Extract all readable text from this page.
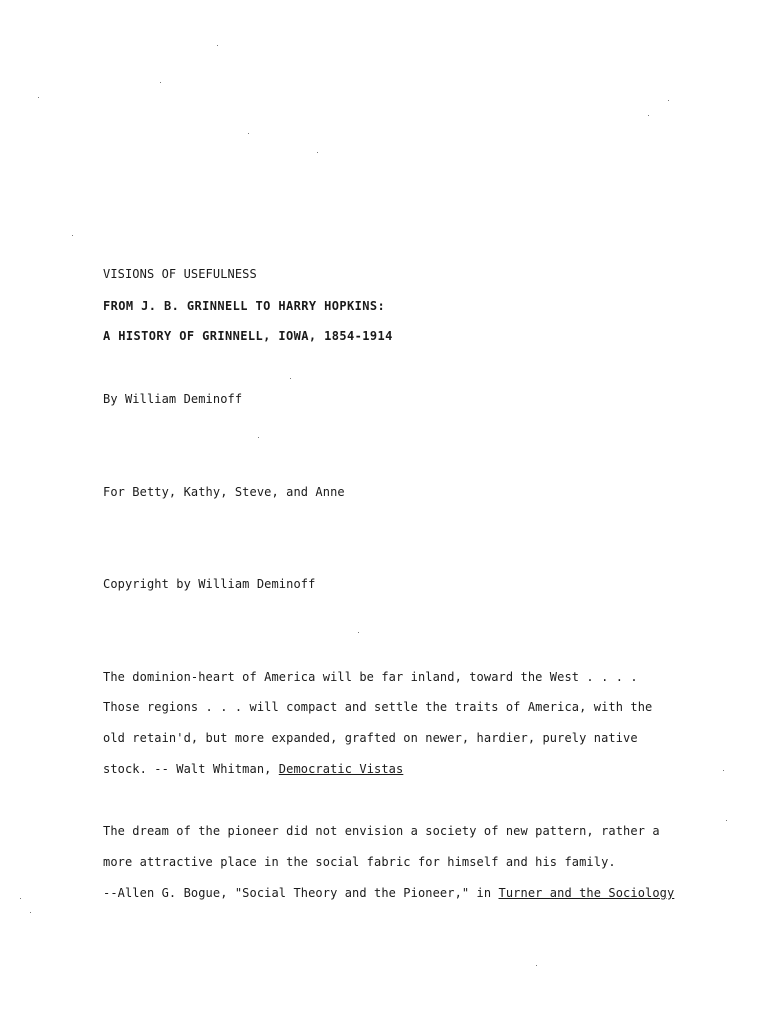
VISIONS OF USEFULNESS
FROM J. B. GRINNELL TO HARRY HOPKINS:
A HISTORY OF GRINNELL, IOWA, 1854-1914
By William Deminoff
For Betty, Kathy, Steve, and Anne
Copyright by William Deminoff
The dominion-heart of America will be far inland, toward the West . . . .
Those regions . . . will compact and settle the traits of America, with the
old retain'd, but more expanded, grafted on newer, hardier, purely native
stock. -- Walt Whitman, Democratic Vistas
The dream of the pioneer did not envision a society of new pattern, rather a
more attractive place in the social fabric for himself and his family.
--Allen G. Bogue, "Social Theory and the Pioneer," in Turner and the Sociology
